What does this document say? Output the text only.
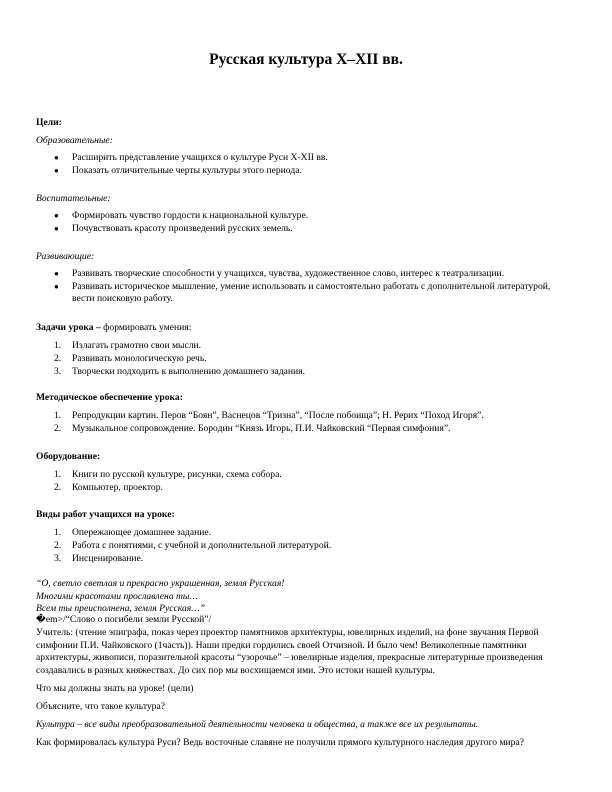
Русская культура X–XII вв.
Цели:
Образовательные:
● Расширить представление учащихся о культуре Руси X-XII вв.
● Показать отличительные черты культуры этого периода.
Воспитательные:
● Формировать чувство гордости к национальной культуре.
● Почувствовать красоту произведений русских земель.
Развивающие:
● Развивать творческие способности у учащихся, чувства, художественное слово, интерес к театрализации.
● Развивать историческое мышление, умение использовать и самостоятельно работать с дополнительной литературой, вести поисковую работу.
Задачи урока – формировать умения:
1. Излагать грамотно свои мысли.
2. Развивать монологическую речь.
3. Творчески подходить к выполнению домашнего задания.
Методическое обеспечение урока:
1. Репродукции картин. Перов “Боян”, Васнецов “Тризна”, “После побоища”; Н. Рерих “Поход Игоря”.
2. Музыкальное сопровождение. Бородин “Князь Игорь, П.И. Чайковский “Первая симфония”.
Оборудование:
1. Книги по русской культуре, рисунки, схема собора.
2. Компьютер, проектор.
Виды работ учащихся на уроке:
1. Опережающее домашнее задание.
2. Работа с понятиями, с учебной и дополнительной литературой.
3. Инсценирование.
“О, светло светлая и прекрасно украшенная, земля Русская!
Многими красотами прославлена ты…
Всем ты преисполнена, земля Русская…”
�em>/“Слово о погибели земли Русской”/
Учитель: (чтение эпиграфа, показ через проектор памятников архитектуры, ювелирных изделий, на фоне звучания Первой
симфонии П.И. Чайковского (1часть)). Наши предки гордились своей Отчизной. И было чем! Великолепные памятники
архитектуры, живописи, поразительной красоты “узорочье” – ювелирные изделия, прекрасные литературные произведения
создавались в разных княжествах. До сих пор мы восхищаемся ими. Это истоки нашей культуры.
Что мы должны знать на уроке! (цели)
Объясните, что такое культура?
Культура – все виды преобразовательной деятельности человека и общества, а также все их результаты.
Как формировалась культура Руси? Ведь восточные славяне не получили прямого культурного наследия другого мира?
